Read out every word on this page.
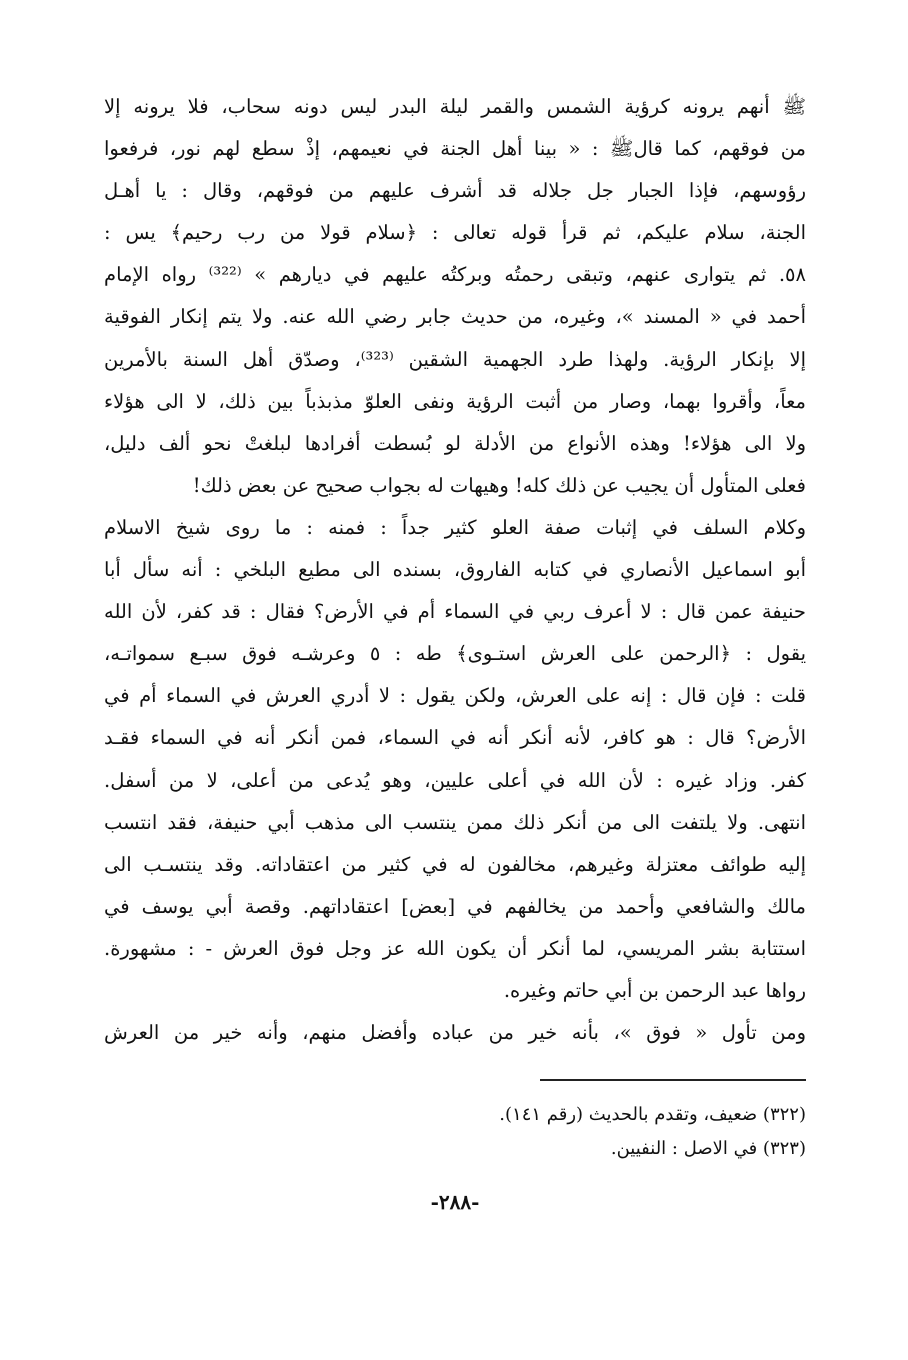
ﷺ أنهم يرونه كرؤية الشمس والقمر ليلة البدر ليس دونه سحاب، فلا يرونه إلا
من فوقهم، كما قالﷺ : « بينا أهل الجنة في نعيمهم، إذْ سطع لهم نور، فرفعوا
رؤوسهم، فإذا الجبار جل جلاله قد أشرف عليهم من فوقهم، وقال : يا أهـل
الجنة، سلام عليكم، ثم قرأ قوله تعالى : ﴿سلام قولا من رب رحيم﴾ يس :
٥٨. ثم يتوارى عنهم، وتبقى رحمتُه وبركتُه عليهم في ديارهم » ⁽³²²⁾ رواه الإمام
أحمد في « المسند »، وغيره، من حديث جابر رضي الله عنه. ولا يتم إنكار الفوقية
إلا بإنكار الرؤية. ولهذا طرد الجهمية الشقين ⁽³²³⁾، وصدّق أهل السنة بالأمرين
معاً، وأقروا بهما، وصار من أثبت الرؤية ونفى العلوّ مذبذباً بين ذلك، لا الى هؤلاء
ولا الى هؤلاء! وهذه الأنواع من الأدلة لو بُسطت أفرادها لبلغتْ نحو ألف دليل،
فعلى المتأول أن يجيب عن ذلك كله! وهيهات له بجواب صحيح عن بعض ذلك!
وكلام السلف في إثبات صفة العلو كثير جداً : فمنه : ما روى شيخ الاسلام
أبو اسماعيل الأنصاري في كتابه الفاروق، بسنده الى مطيع البلخي : أنه سأل أبا
حنيفة عمن قال : لا أعرف ربي في السماء أم في الأرض؟ فقال : قد كفر، لأن الله
يقول : ﴿الرحمن على العرش استـوى﴾ طه : ٥ وعرشـه فوق سبـع سمواتـه،
قلت : فإن قال : إنه على العرش، ولكن يقول : لا أدري العرش في السماء أم في
الأرض؟ قال : هو كافر، لأنه أنكر أنه في السماء، فمن أنكر أنه في السماء فقـد
كفر. وزاد غيره : لأن الله في أعلى عليين، وهو يُدعى من أعلى، لا من أسفل.
انتهى. ولا يلتفت الى من أنكر ذلك ممن ينتسب الى مذهب أبي حنيفة، فقد انتسب
إليه طوائف معتزلة وغيرهم، مخالفون له في كثير من اعتقاداته. وقد ينتسـب الى
مالك والشافعي وأحمد من يخالفهم في [بعض] اعتقاداتهم. وقصة أبي يوسف في
استتابة بشر المريسي، لما أنكر أن يكون الله عز وجل فوق العرش - : مشهورة.
رواها عبد الرحمن بن أبي حاتم وغيره.
ومن تأول « فوق »، بأنه خير من عباده وأفضل منهم، وأنه خير من العرش
(٣٢٢) ضعيف، وتقدم بالحديث (رقم ١٤١).
(٣٢٣) في الاصل : النفيين.
-٢٨٨-
